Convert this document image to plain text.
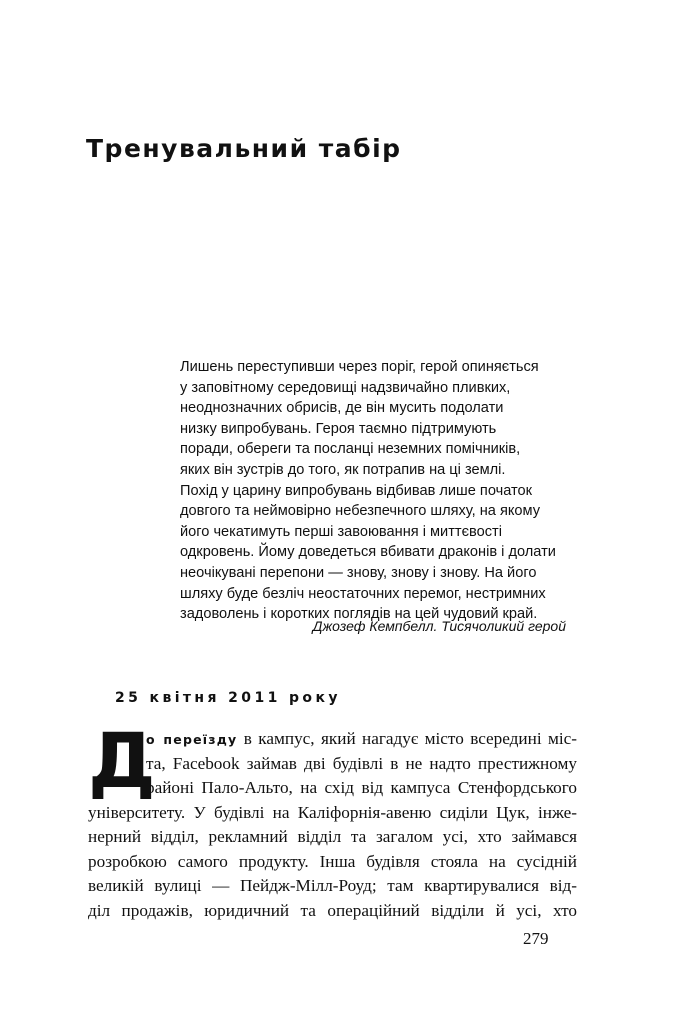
Тренувальний табір
Лишень переступивши через поріг, герой опиняється
у заповітному середовищі надзвичайно пливких,
неоднозначних обрисів, де він мусить подолати
низку випробувань. Героя таємно підтримують
поради, обереги та посланці неземних помічників,
яких він зустрів до того, як потрапив на ці землі.
Похід у царину випробувань відбивав лише початок
довгого та неймовірно небезпечного шляху, на якому
його чекатимуть перші завоювання і миттєвості
одкровень. Йому доведеться вбивати драконів і долати
неочікувані перепони — знову, знову і знову. На його
шляху буде безліч неостаточних перемог, нестримних
задоволень і коротких поглядів на цей чудовий край.
Джозеф Кемпбелл. Тисячоликий герой
25 квітня 2011 року
Д
о переїзду в кампус, який нагадує місто всередині міс-
та, Facebook займав дві будівлі в не надто престижному
районі Пало-Альто, на схід від кампуса Стенфордського
університету. У будівлі на Каліфорнія-авеню сиділи Цук, інже-
нерний відділ, рекламний відділ та загалом усі, хто займався
розробкою самого продукту. Інша будівля стояла на сусідній
великій вулиці — Пейдж-Мілл-Роуд; там квартирувалися від-
діл продажів, юридичний та операційний відділи й усі, хто
279
